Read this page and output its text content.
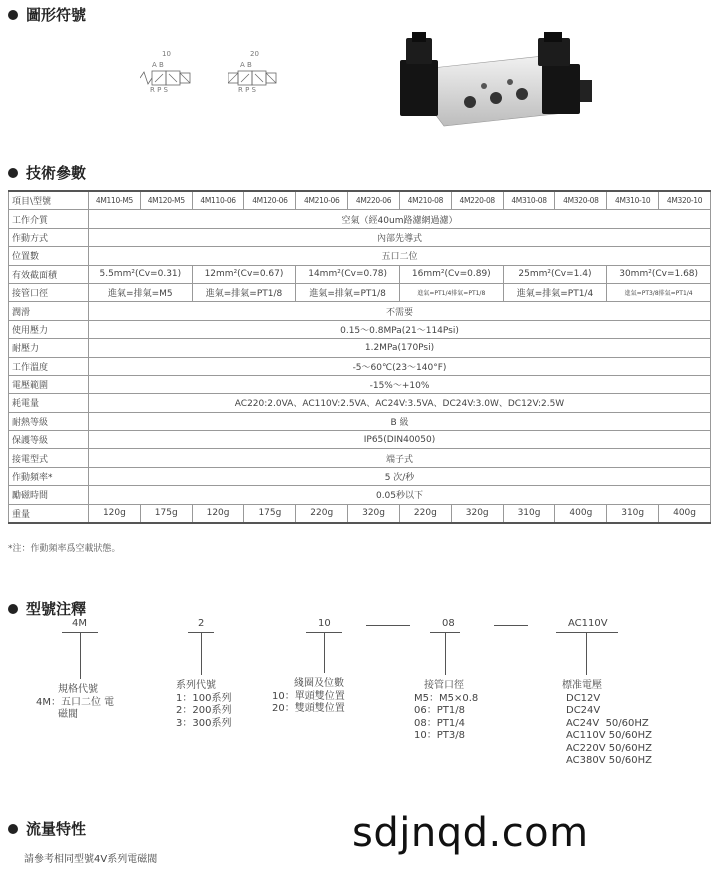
圖形符號
10
A B
R P S
20
A B
R P S
技術參數
項目\型號	4M110-M5	4M120-M5	4M110-06	4M120-06	4M210-06	4M220-06	4M210-08	4M220-08	4M310-08	4M320-08	4M310-10	4M320-10
工作介質	空氣（經40um路濾網過濾）											
作動方式	內部先導式											
位置數	五口二位											
有效截面積	5.5mm²(Cv=0.31)		12mm²(Cv=0.67)		14mm²(Cv=0.78)		16mm²(Cv=0.89)		25mm²(Cv=1.4)		30mm²(Cv=1.68)	
接管口徑	進氣=排氣=M5		進氣=排氣=PT1/8		進氣=排氣=PT1/8		進氣=PT1/4排氣=PT1/8		進氣=排氣=PT1/4		進氣=PT3/8排氣=PT1/4	
潤滑	不需要											
使用壓力	0.15～0.8MPa(21～114Psi)											
耐壓力	1.2MPa(170Psi)											
工作溫度	-5～60℃(23～140°F)											
電壓範圍	-15%～+10%											
耗電量	AC220:2.0VA、AC110V:2.5VA、AC24V:3.5VA、DC24V:3.0W、DC12V:2.5W											
耐熱等級	B 級											
保護等級	IP65(DIN40050)											
接電型式	端子式											
作動頻率*	5 次/秒											
勵磁時間	0.05秒以下											
重量	120g	175g	120g	175g	220g	320g	220g	320g	310g	400g	310g	400g
*注：作動頻率爲空載狀態。
型號注釋
4M	2	10	08	AC110V
規格代號
4M：五口二位 電
磁閥
系列代號
1：100系列
2：200系列
3：300系列
綫圈及位數
10：單頭雙位置
20：雙頭雙位置
接管口徑
M5：M5×0.8
06：PT1/8
08：PT1/4
10：PT3/8
標准電壓
DC12V
DC24V
AC24V  50/60HZ
AC110V 50/60HZ
AC220V 50/60HZ
AC380V 50/60HZ
流量特性
請參考相同型號4V系列電磁閥
sdjnqd.com
